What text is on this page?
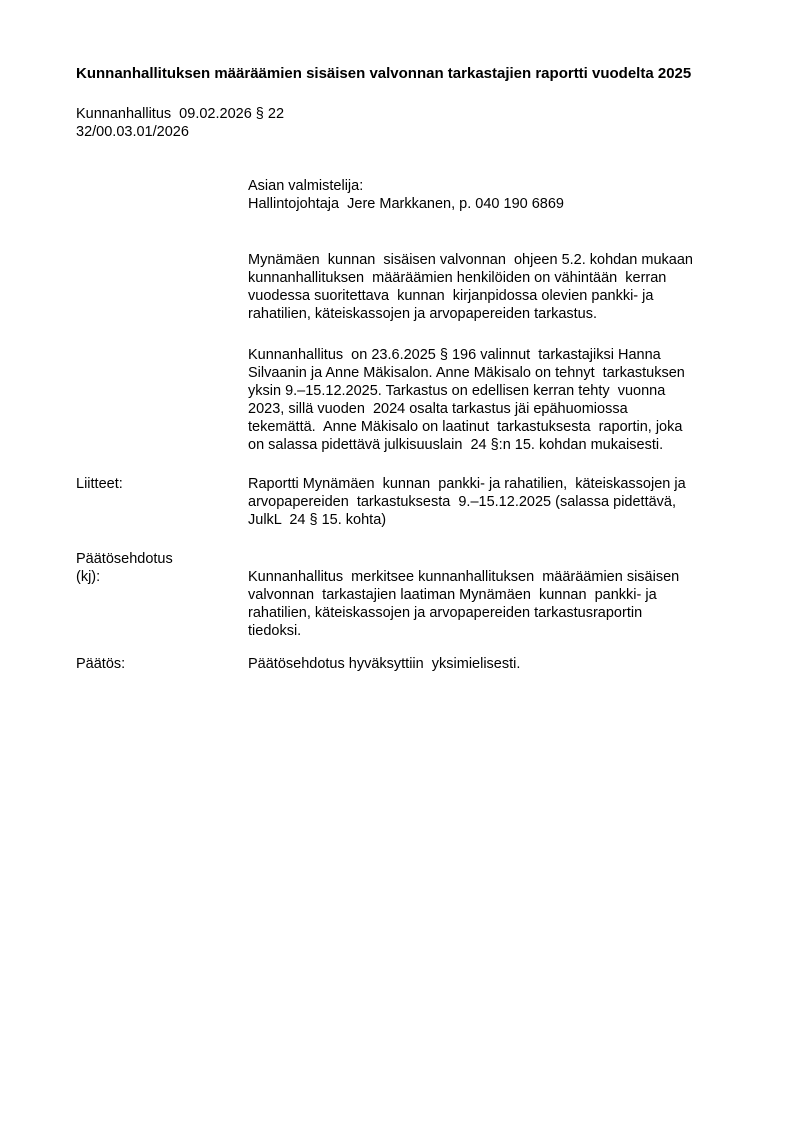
Kunnanhallituksen määräämien sisäisen valvonnan tarkastajien raportti vuodelta 2025
Kunnanhallitus  09.02.2026 § 22
32/00.03.01/2026
Asian valmistelija:
Hallintojohtaja  Jere Markkanen, p. 040 190 6869
Mynämäen  kunnan  sisäisen valvonnan  ohjeen 5.2. kohdan mukaan
kunnanhallituksen  määräämien henkilöiden on vähintään  kerran
vuodessa suoritettava  kunnan  kirjanpidossa olevien pankki- ja
rahatilien, käteiskassojen ja arvopapereiden tarkastus.
Kunnanhallitus  on 23.6.2025 § 196 valinnut  tarkastajiksi Hanna
Silvaanin ja Anne Mäkisalon. Anne Mäkisalo on tehnyt  tarkastuksen
yksin 9.–15.12.2025. Tarkastus on edellisen kerran tehty  vuonna
2023, sillä vuoden  2024 osalta tarkastus jäi epähuomiossa
tekemättä.  Anne Mäkisalo on laatinut  tarkastuksesta  raportin, joka
on salassa pidettävä julkisuuslain  24 §:n 15. kohdan mukaisesti.
Liitteet:	Raportti Mynämäen  kunnan  pankki- ja rahatilien,  käteiskassojen ja
arvopapereiden  tarkastuksesta  9.–15.12.2025 (salassa pidettävä,
JulkL  24 § 15. kohta)
Päätösehdotus
(kj):	Kunnanhallitus  merkitsee kunnanhallituksen  määräämien sisäisen
valvonnan  tarkastajien laatiman Mynämäen  kunnan  pankki- ja
rahatilien, käteiskassojen ja arvopapereiden tarkastusraportin
tiedoksi.
Päätös:	Päätösehdotus hyväksyttiin  yksimielisesti.
